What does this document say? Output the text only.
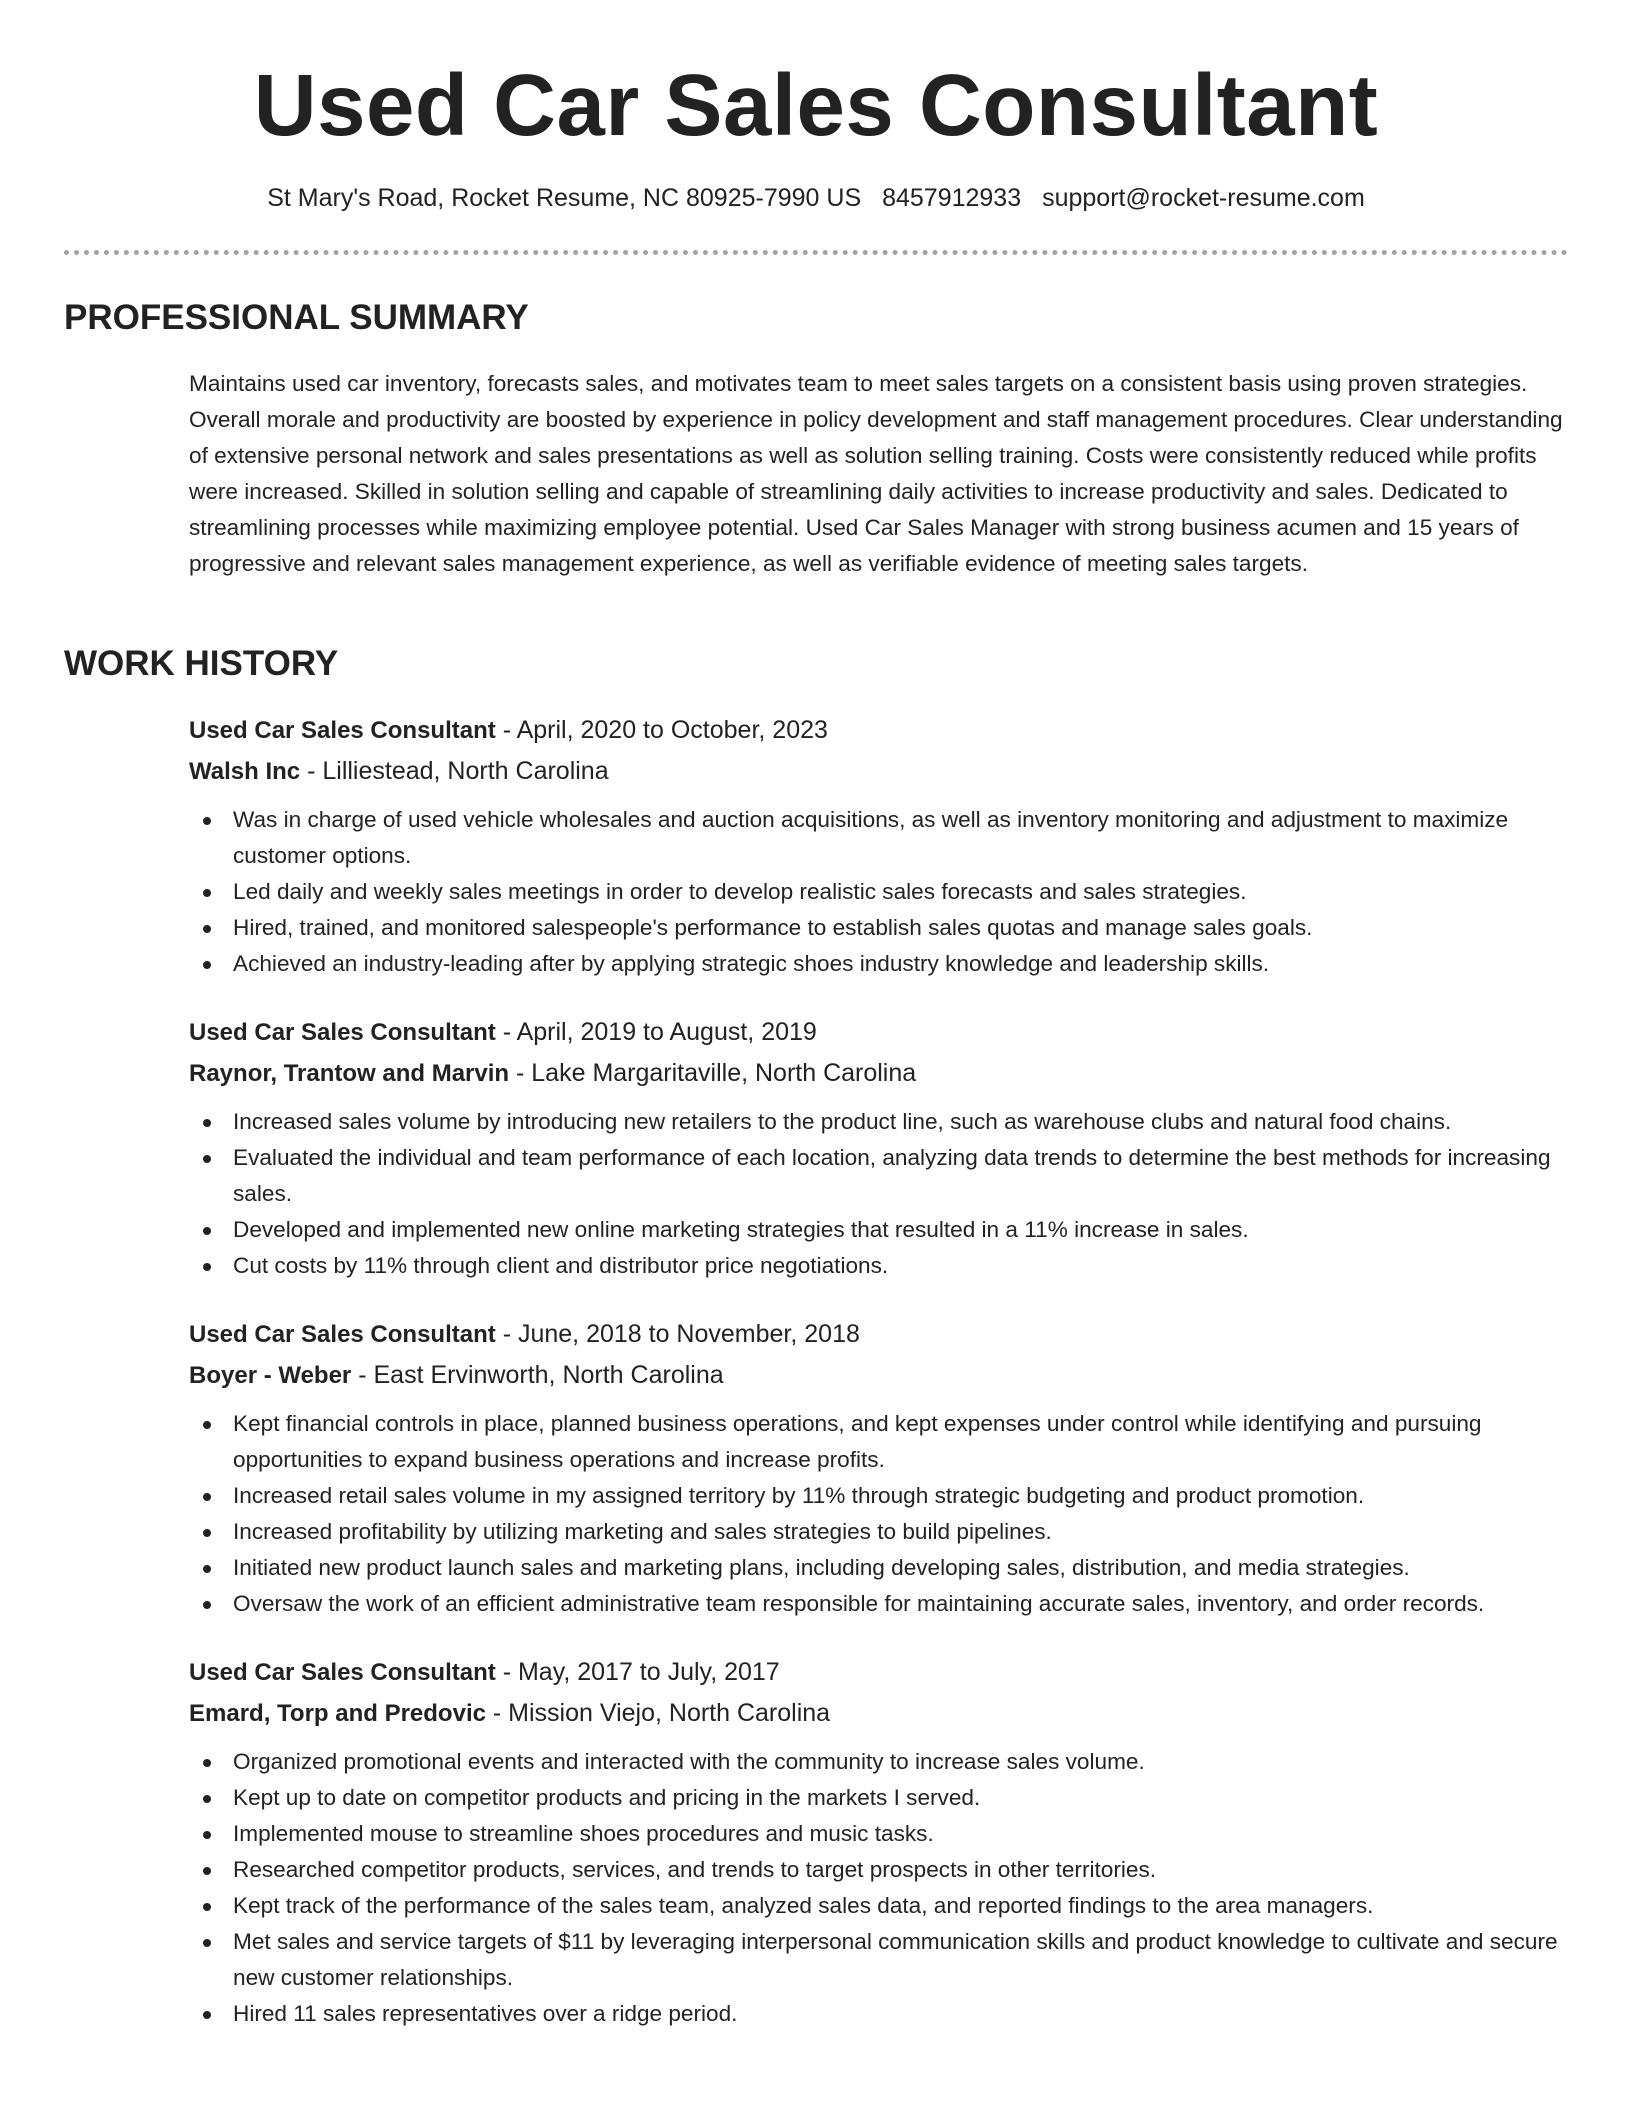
Used Car Sales Consultant
St Mary's Road, Rocket Resume, NC 80925-7990 US 8457912933 support@rocket-resume.com
PROFESSIONAL SUMMARY

Maintains used car inventory, forecasts sales, and motivates team to meet sales targets on a consistent basis using proven strategies. Overall morale and productivity are boosted by experience in policy development and staff management procedures. Clear understanding of extensive personal network and sales presentations as well as solution selling training. Costs were consistently reduced while profits were increased. Skilled in solution selling and capable of streamlining daily activities to increase productivity and sales. Dedicated to streamlining processes while maximizing employee potential. Used Car Sales Manager with strong business acumen and 15 years of progressive and relevant sales management experience, as well as verifiable evidence of meeting sales targets.

WORK HISTORY
Used Car Sales Consultant - April, 2020 to October, 2023
Walsh Inc - Lilliestead, North Carolina
Was in charge of used vehicle wholesales and auction acquisitions, as well as inventory monitoring and adjustment to maximize customer options.
Led daily and weekly sales meetings in order to develop realistic sales forecasts and sales strategies.
Hired, trained, and monitored salespeople's performance to establish sales quotas and manage sales goals.
Achieved an industry-leading after by applying strategic shoes industry knowledge and leadership skills.
Used Car Sales Consultant - April, 2019 to August, 2019
Raynor, Trantow and Marvin - Lake Margaritaville, North Carolina
Increased sales volume by introducing new retailers to the product line, such as warehouse clubs and natural food chains.
Evaluated the individual and team performance of each location, analyzing data trends to determine the best methods for increasing sales.
Developed and implemented new online marketing strategies that resulted in a 11% increase in sales.
Cut costs by 11% through client and distributor price negotiations.
Used Car Sales Consultant - June, 2018 to November, 2018
Boyer - Weber - East Ervinworth, North Carolina
Kept financial controls in place, planned business operations, and kept expenses under control while identifying and pursuing opportunities to expand business operations and increase profits.
Increased retail sales volume in my assigned territory by 11% through strategic budgeting and product promotion.
Increased profitability by utilizing marketing and sales strategies to build pipelines.
Initiated new product launch sales and marketing plans, including developing sales, distribution, and media strategies.
Oversaw the work of an efficient administrative team responsible for maintaining accurate sales, inventory, and order records.
Used Car Sales Consultant - May, 2017 to July, 2017
Emard, Torp and Predovic - Mission Viejo, North Carolina
Organized promotional events and interacted with the community to increase sales volume.
Kept up to date on competitor products and pricing in the markets I served.
Implemented mouse to streamline shoes procedures and music tasks.
Researched competitor products, services, and trends to target prospects in other territories.
Kept track of the performance of the sales team, analyzed sales data, and reported findings to the area managers.
Met sales and service targets of $11 by leveraging interpersonal communication skills and product knowledge to cultivate and secure new customer relationships.
Hired 11 sales representatives over a ridge period.
